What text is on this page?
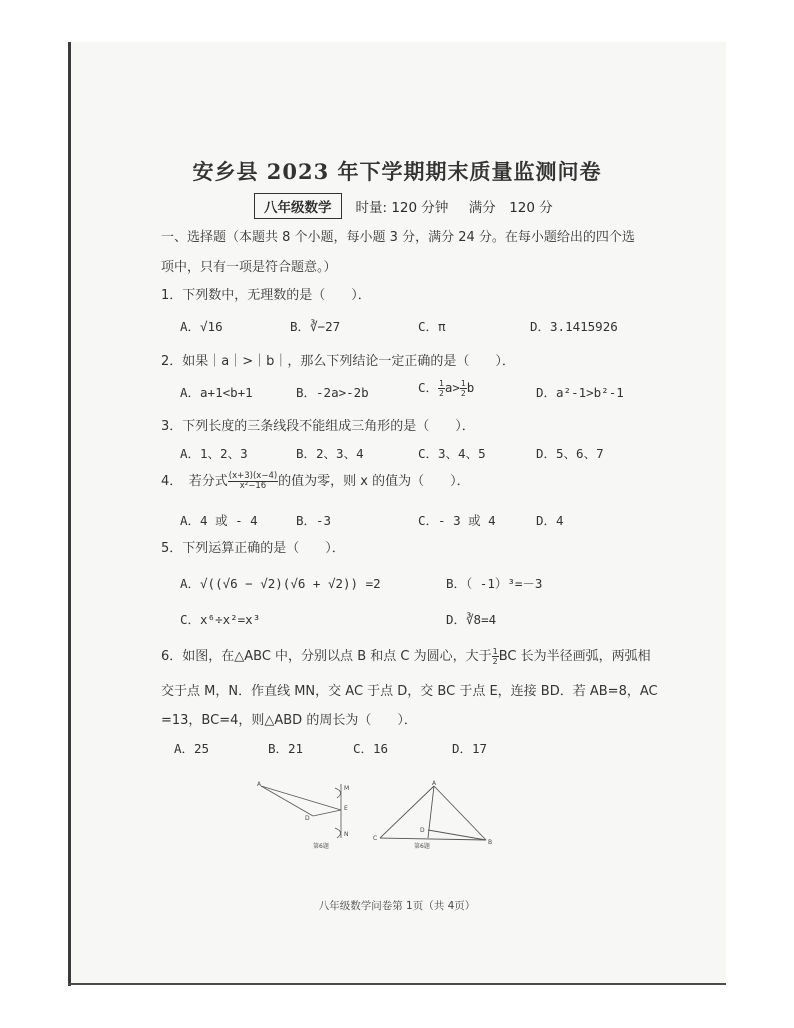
安乡县 2023 年下学期期末质量监测问卷
八年级数学	时量: 120 分钟 满分　120 分
一、选择题（本题共 8 个小题，每小题 3 分，满分 24 分。在每小题给出的四个选
项中，只有一项是符合题意。）
1．下列数中，无理数的是（　　）．
A．√16	B．∛−27	C．π	D．3.1415926
2．如果｜a｜>｜b｜，那么下列结论一定正确的是（　　）．
A．a+1<b+1	B．-2a>-2b	C． $\frac{1}{2} a> \frac{1}{2}$ b	D．a²-1>b²-1
3．下列长度的三条线段不能组成三角形的是（　　）．
A．1、2、3	B．2、3、4	C．3、4、5	D．5、6、7
4．　若分式 $\frac{(x+3)(x-4)}{\text{x²−16}}$ 的值为零，则 x 的值为（　　）．
A．4 或 - 4	B．-3	C．- 3 或 4	D．4
5．下列运算正确的是（　　）．
A．√((√6 − √2)(√6 + √2)) =2	B．（ -1）³=－3
C．x⁶÷x²=x³	D．∛8=4
6．如图，在△ABC 中，分别以点 B 和点 C 为圆心，大于 $\frac{1}{2}$ BC 长为半径画弧，两弧相
交于点 M，N．作直线 MN，交 AC 于点 D，交 BC 于点 E，连接 BD．若 AB=8，AC
=13，BC=4，则△ABD 的周长为（　　）．
A．25	B．21	C．16	D．17
A
M
E
D
N
第6题
A
D
C
B
第6题
八年级数学问卷第 1页（共 4页）
